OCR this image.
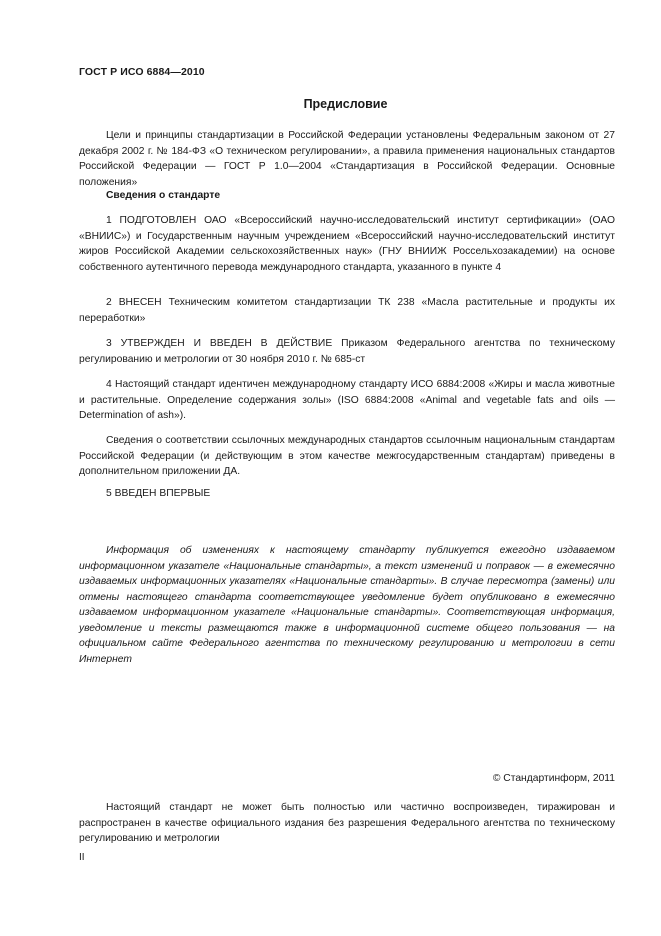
ГОСТ Р ИСО 6884—2010
Предисловие
Цели и принципы стандартизации в Российской Федерации установлены Федеральным законом от 27 декабря 2002 г. № 184-ФЗ «О техническом регулировании», а правила применения национальных стандартов Российской Федерации — ГОСТ Р 1.0—2004 «Стандартизация в Российской Федерации. Основные положения»
Сведения о стандарте
1 ПОДГОТОВЛЕН ОАО «Всероссийский научно-исследовательский институт сертификации» (ОАО «ВНИИС») и Государственным научным учреждением «Всероссийский научно-исследовательский институт жиров Российской Академии сельскохозяйственных наук» (ГНУ ВНИИЖ Россельхозакадемии) на основе собственного аутентичного перевода международного стандарта, указанного в пункте 4
2 ВНЕСЕН Техническим комитетом стандартизации ТК 238 «Масла растительные и продукты их переработки»
3 УТВЕРЖДЕН И ВВЕДЕН В ДЕЙСТВИЕ Приказом Федерального агентства по техническому регулированию и метрологии от 30 ноября 2010 г. № 685-ст
4 Настоящий стандарт идентичен международному стандарту ИСО 6884:2008 «Жиры и масла животные и растительные. Определение содержания золы» (ISO 6884:2008 «Animal and vegetable fats and oils — Determination of ash»).
Сведения о соответствии ссылочных международных стандартов ссылочным национальным стандартам Российской Федерации (и действующим в этом качестве межгосударственным стандартам) приведены в дополнительном приложении ДА.
5 ВВЕДЕН ВПЕРВЫЕ
Информация об изменениях к настоящему стандарту публикуется ежегодно издаваемом информационном указателе «Национальные стандарты», а текст изменений и поправок — в ежемесячно издаваемых информационных указателях «Национальные стандарты». В случае пересмотра (замены) или отмены настоящего стандарта соответствующее уведомление будет опубликовано в ежемесячно издаваемом информационном указателе «Национальные стандарты». Соответствующая информация, уведомление и тексты размещаются также в информационной системе общего пользования — на официальном сайте Федерального агентства по техническому регулированию и метрологии в сети Интернет
© Стандартинформ, 2011
Настоящий стандарт не может быть полностью или частично воспроизведен, тиражирован и распространен в качестве официального издания без разрешения Федерального агентства по техническому регулированию и метрологии
II
